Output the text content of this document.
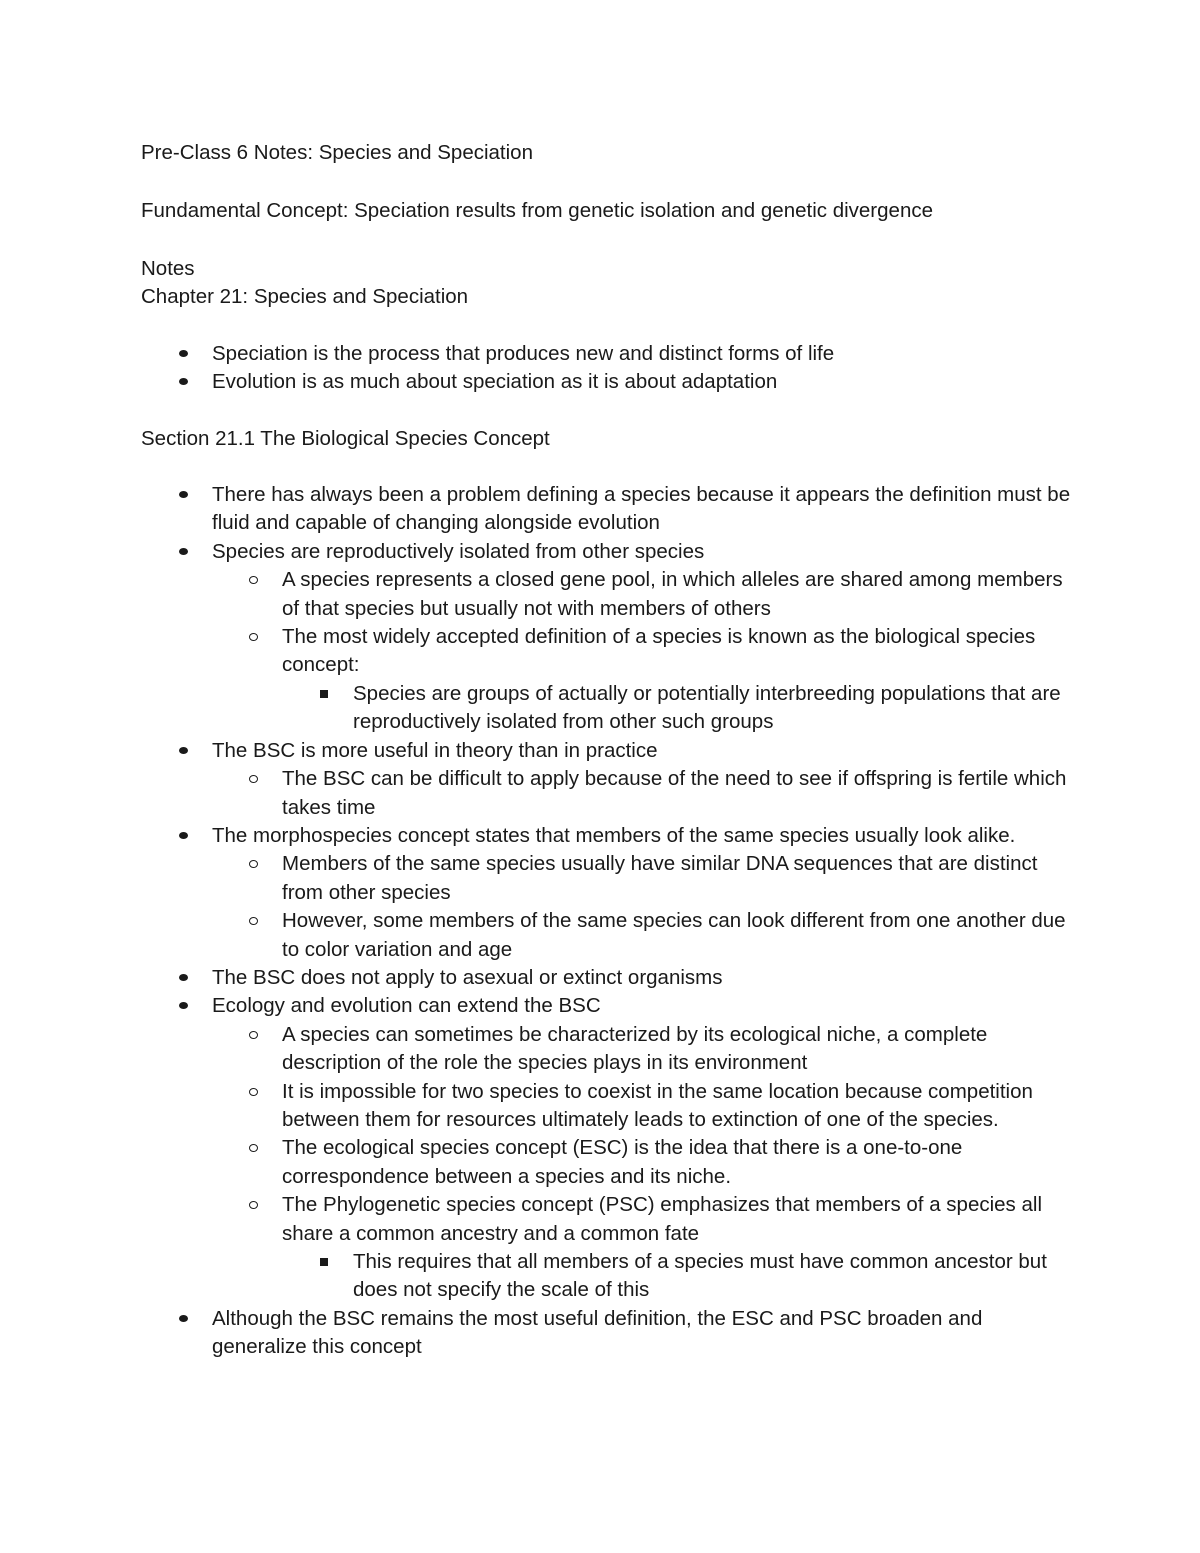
Pre-Class 6 Notes: Species and Speciation

Fundamental Concept: Speciation results from genetic isolation and genetic divergence

Notes

Chapter 21: Species and Speciation

Speciation is the process that produces new and distinct forms of life
Evolution is as much about speciation as it is about adaptation

Section 21.1 The Biological Species Concept

There has always been a problem defining a species because it appears the definition must be fluid and capable of changing alongside evolution
Species are reproductively isolated from other species
A species represents a closed gene pool, in which alleles are shared among members of that species but usually not with members of others
The most widely accepted definition of a species is known as the biological species concept:
Species are groups of actually or potentially interbreeding populations that are reproductively isolated from other such groups
The BSC is more useful in theory than in practice
The BSC can be difficult to apply because of the need to see if offspring is fertile which takes time
The morphospecies concept states that members of the same species usually look alike.
Members of the same species usually have similar DNA sequences that are distinct from other species
However, some members of the same species can look different from one another due to color variation and age
The BSC does not apply to asexual or extinct organisms
Ecology and evolution can extend the BSC
A species can sometimes be characterized by its ecological niche, a complete description of the role the species plays in its environment
It is impossible for two species to coexist in the same location because competition between them for resources ultimately leads to extinction of one of the species.
The ecological species concept (ESC) is the idea that there is a one-to-one correspondence between a species and its niche.
The Phylogenetic species concept (PSC) emphasizes that members of a species all share a common ancestry and a common fate
This requires that all members of a species must have common ancestor but does not specify the scale of this
Although the BSC remains the most useful definition, the ESC and PSC broaden and generalize this concept
